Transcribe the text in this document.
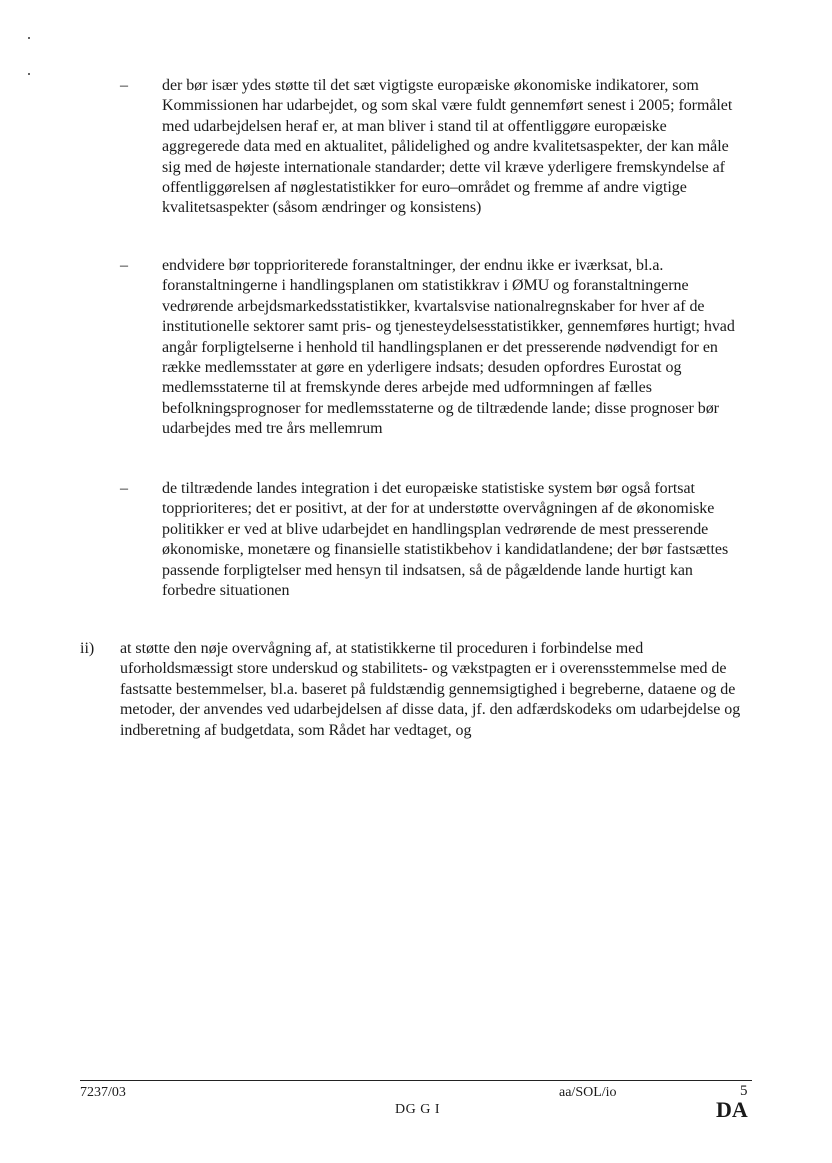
– der bør især ydes støtte til det sæt vigtigste europæiske økonomiske indikatorer, som Kommissionen har udarbejdet, og som skal være fuldt gennemført senest i 2005; formålet med udarbejdelsen heraf er, at man bliver i stand til at offentliggøre europæiske aggregerede data med en aktualitet, pålidelighed og andre kvalitetsaspekter, der kan måle sig med de højeste internationale standarder; dette vil kræve yderligere fremskyndelse af offentliggørelsen af nøglestatistikker for euro–området og fremme af andre vigtige kvalitetsaspekter (såsom ændringer og konsistens)
– endvidere bør topprioriterede foranstaltninger, der endnu ikke er iværksat, bl.a. foranstaltningerne i handlingsplanen om statistikkrav i ØMU og foranstaltningerne vedrørende arbejdsmarkedsstatistikker, kvartalsvise nationalregnskaber for hver af de institutionelle sektorer samt pris- og tjenesteydelsesstatistikker, gennemføres hurtigt; hvad angår forpligtelserne i henhold til handlingsplanen er det presserende nødvendigt for en række medlemsstater at gøre en yderligere indsats; desuden opfordres Eurostat og medlemsstaterne til at fremskynde deres arbejde med udformningen af fælles befolkningsprognoser for medlemsstaterne og de tiltrædende lande; disse prognoser bør udarbejdes med tre års mellemrum
– de tiltrædende landes integration i det europæiske statistiske system bør også fortsat topprioriteres; det er positivt, at der for at understøtte overvågningen af de økonomiske politikker er ved at blive udarbejdet en handlingsplan vedrørende de mest presserende økonomiske, monetære og finansielle statistikbehov i kandidatlandene; der bør fastsættes passende forpligtelser med hensyn til indsatsen, så de pågældende lande hurtigt kan forbedre situationen
ii) at støtte den nøje overvågning af, at statistikkerne til proceduren i forbindelse med uforholdsmæssigt store underskud og stabilitets- og vækstpagten er i overensstemmelse med de fastsatte bestemmelser, bl.a. baseret på fuldstændig gennemsigtighed i begreberne, dataene og de metoder, der anvendes ved udarbejdelsen af disse data, jf. den adfærdskodeks om udarbejdelse og indberetning af budgetdata, som Rådet har vedtaget, og
7237/03	aa/SOL/io	5
DG G I	DA
